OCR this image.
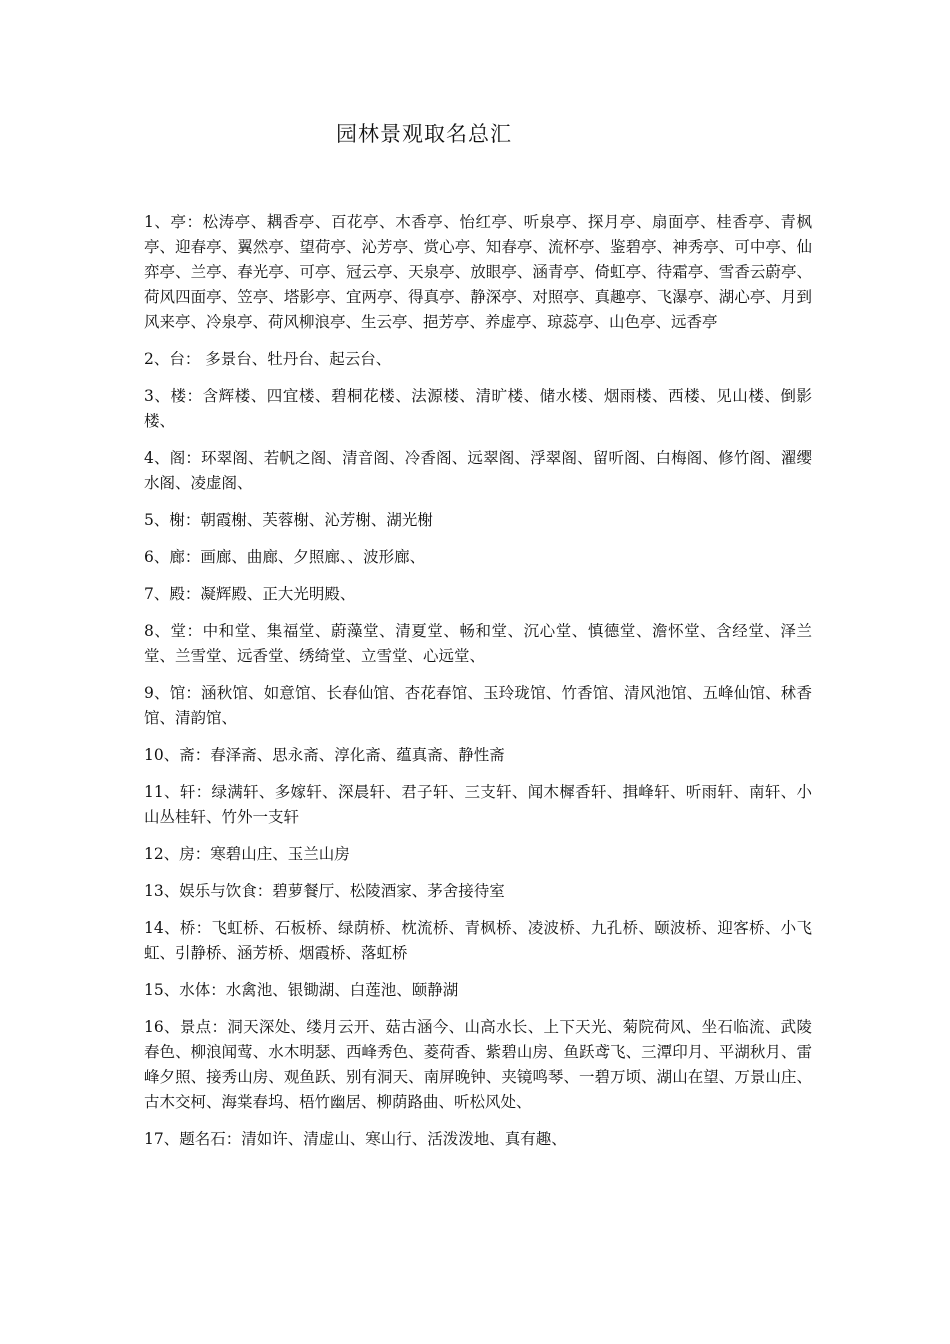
园林景观取名总汇
1、亭：松涛亭、耦香亭、百花亭、木香亭、怡红亭、听泉亭、探月亭、扇面亭、桂香亭、青枫亭、迎春亭、翼然亭、望荷亭、沁芳亭、赏心亭、知春亭、流杯亭、鉴碧亭、神秀亭、可中亭、仙弈亭、兰亭、春光亭、可亭、冠云亭、天泉亭、放眼亭、涵青亭、倚虹亭、待霜亭、雪香云蔚亭、荷风四面亭、笠亭、塔影亭、宜两亭、得真亭、静深亭、对照亭、真趣亭、飞瀑亭、湖心亭、月到风来亭、冷泉亭、荷风柳浪亭、生云亭、挹芳亭、养虚亭、琼蕊亭、山色亭、远香亭
2、台： 多景台、牡丹台、起云台、
3、楼：含辉楼、四宜楼、碧桐花楼、法源楼、清旷楼、储水楼、烟雨楼、西楼、见山楼、倒影楼、
4、阁：环翠阁、若帆之阁、清音阁、冷香阁、远翠阁、浮翠阁、留听阁、白梅阁、修竹阁、濯缨水阁、凌虚阁、
5、榭：朝霞榭、芙蓉榭、沁芳榭、湖光榭
6、廊：画廊、曲廊、夕照廊、、波形廊、
7、殿：凝辉殿、正大光明殿、
8、堂：中和堂、集福堂、蔚藻堂、清夏堂、畅和堂、沉心堂、慎德堂、澹怀堂、含经堂、泽兰堂、兰雪堂、远香堂、绣绮堂、立雪堂、心远堂、
9、馆：涵秋馆、如意馆、长春仙馆、杏花春馆、玉玲珑馆、竹香馆、清风池馆、五峰仙馆、秫香馆、清韵馆、
10、斋：春泽斋、思永斋、淳化斋、蕴真斋、静性斋
11、轩：绿满轩、多嫁轩、深晨轩、君子轩、三支轩、闻木樨香轩、揖峰轩、听雨轩、南轩、小山丛桂轩、竹外一支轩
12、房：寒碧山庄、玉兰山房
13、娱乐与饮食：碧萝餐厅、松陵酒家、茅舍接待室
14、桥：飞虹桥、石板桥、绿荫桥、枕流桥、青枫桥、凌波桥、九孔桥、颐波桥、迎客桥、小飞虹、引静桥、涵芳桥、烟霞桥、落虹桥
15、水体：水禽池、银锄湖、白莲池、颐静湖
16、景点：洞天深处、缕月云开、菇古涵今、山高水长、上下天光、菊院荷风、坐石临流、武陵春色、柳浪闻莺、水木明瑟、西峰秀色、菱荷香、紫碧山房、鱼跃鸢飞、三潭印月、平湖秋月、雷峰夕照、接秀山房、观鱼跃、别有洞天、南屏晚钟、夹镜鸣琴、一碧万顷、湖山在望、万景山庄、古木交柯、海棠春坞、梧竹幽居、柳荫路曲、听松风处、
17、题名石：清如许、清虚山、寒山行、活泼泼地、真有趣、
